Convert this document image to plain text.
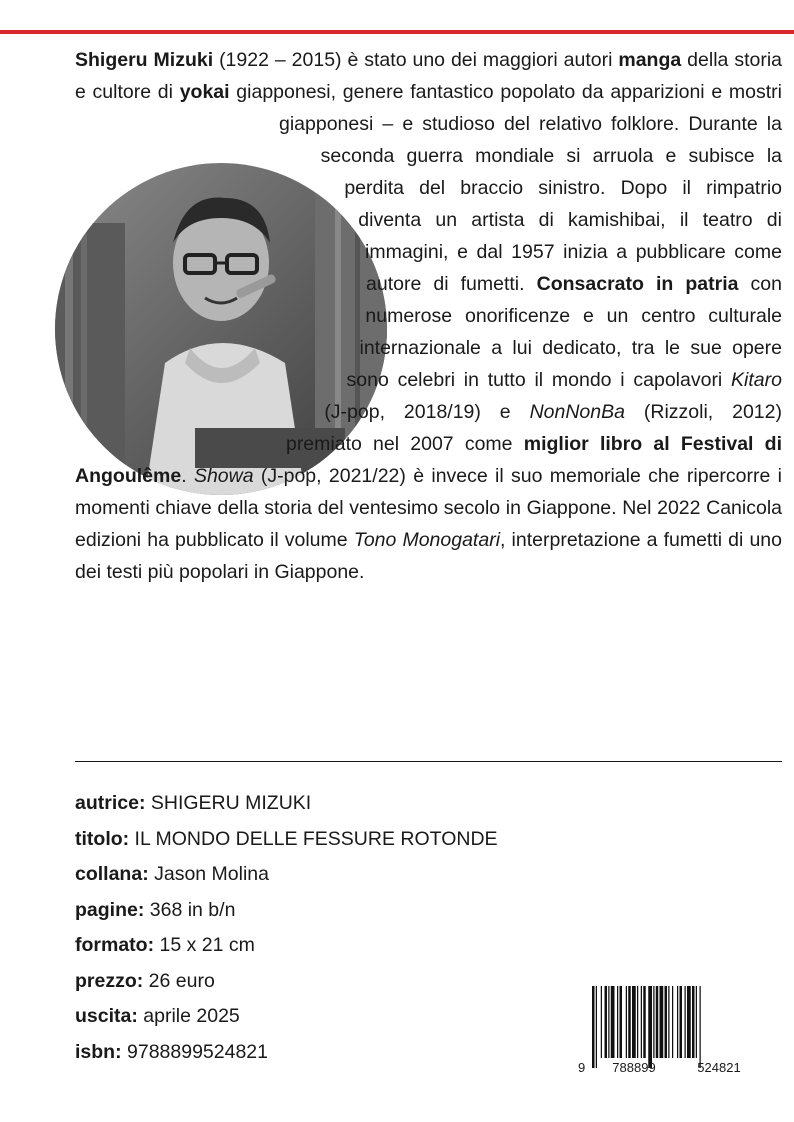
Shigeru Mizuki (1922 – 2015) è stato uno dei maggiori autori manga della storia e cultore di yokai giapponesi, genere fantastico popolato da apparizioni e mostri giapponesi – e studioso del relativo folklore. Durante la seconda guerra mondiale si arruola e subisce la perdita del braccio sinistro. Dopo il rimpatrio diventa un artista di kamishibai, il teatro di immagini, e dal 1957 inizia a pubblicare come autore di fumetti. Consacrato in patria con numerose onorificenze e un centro culturale internazionale a lui dedicato, tra le sue opere sono celebri in tutto il mondo i capolavori Kitaro (J-pop, 2018/19) e NonNonBa (Rizzoli, 2012) premiato nel 2007 come miglior libro al Festival di Angoulême. Showa (J-pop, 2021/22) è invece il suo memoriale che ripercorre i momenti chiave della storia del ventesimo secolo in Giappone. Nel 2022 Canicola edizioni ha pubblicato il volume Tono Monogatari, interpretazione a fumetti di uno dei testi più popolari in Giappone.
autrice: SHIGERU MIZUKI
titolo: IL MONDO DELLE FESSURE ROTONDE
collana: Jason Molina
pagine: 368 in b/n
formato: 15 x 21 cm
prezzo: 26 euro
uscita: aprile 2025
isbn: 9788899524821
9 788899	524821
